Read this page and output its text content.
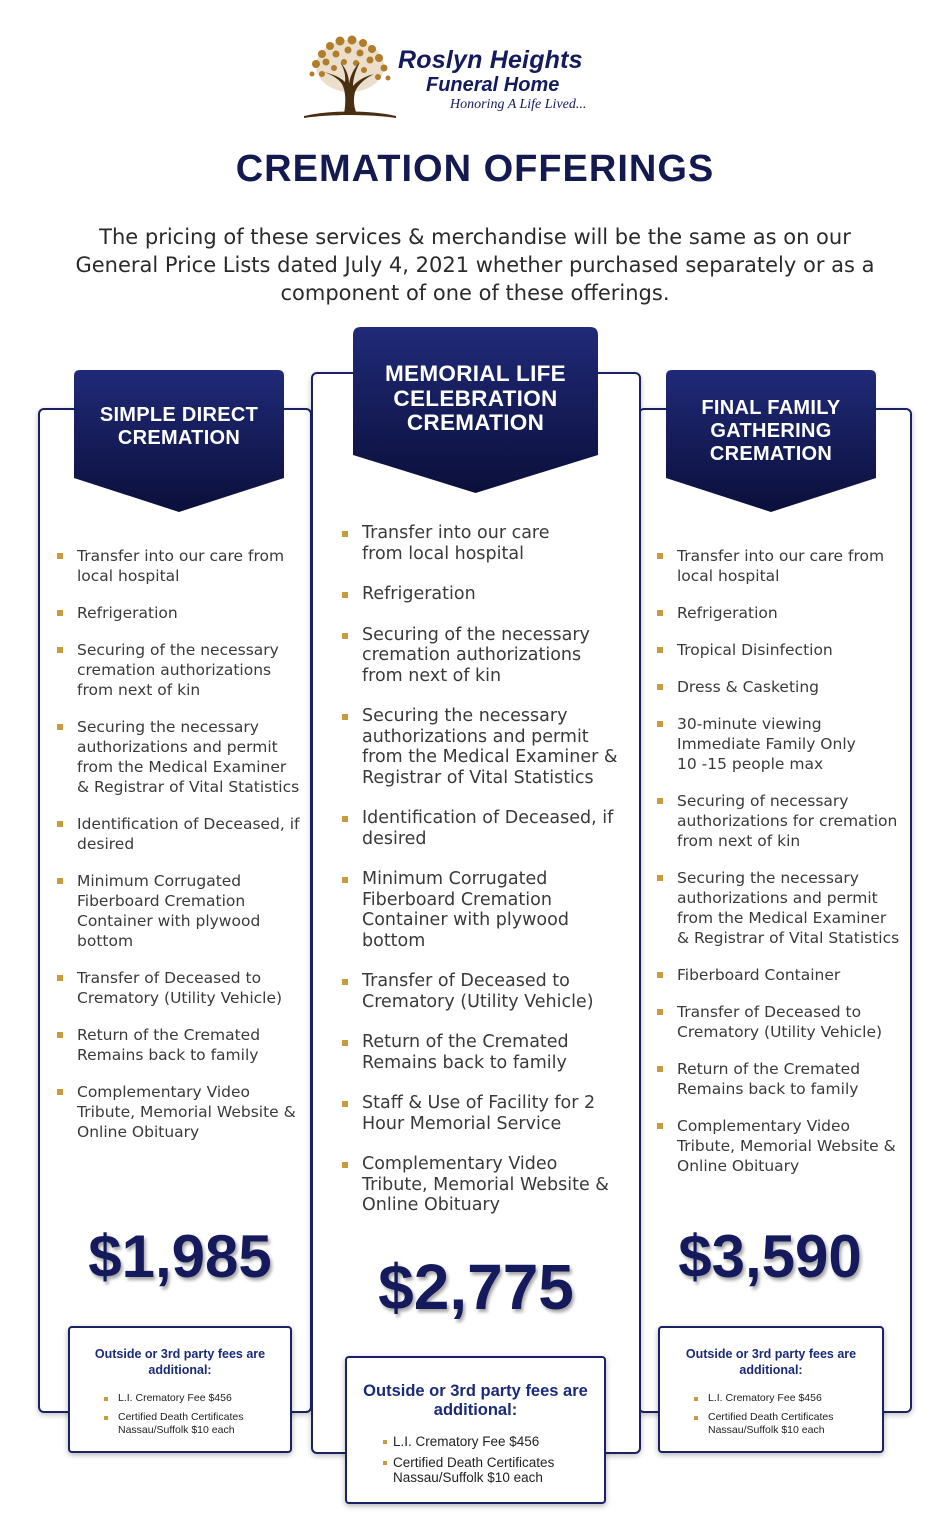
Roslyn Heights
Funeral Home
Honoring A Life Lived...
CREMATION OFFERINGS

The pricing of these services & merchandise will be the same as on our General Price Lists dated July 4, 2021 whether purchased separately or as a component of one of these offerings.

SIMPLE DIRECT
CREMATION
Transfer into our care from local hospital
Refrigeration
Securing of the necessary cremation authorizations from next of kin
Securing the necessary authorizations and permit from the Medical Examiner & Registrar of Vital Statistics
Identification of Deceased, if desired
Minimum Corrugated Fiberboard Cremation Container with plywood bottom
Transfer of Deceased to Crematory (Utility Vehicle)
Return of the Cremated Remains back to family
Complementary Video Tribute, Memorial Website & Online Obituary
$1,985
Outside or 3rd party fees are additional:
L.I. Crematory Fee $456
Certified Death Certificates Nassau/Suffolk $10 each
FINAL FAMILY
GATHERING
CREMATION
Transfer into our care from local hospital
Refrigeration
Tropical Disinfection
Dress & Casketing
30-minute viewing Immediate Family Only 10 -15 people max
Securing of necessary authorizations for cremation from next of kin
Securing the necessary authorizations and permit from the Medical Examiner & Registrar of Vital Statistics
Fiberboard Container
Transfer of Deceased to Crematory (Utility Vehicle)
Return of the Cremated Remains back to family
Complementary Video Tribute, Memorial Website & Online Obituary
$3,590
Outside or 3rd party fees are additional:
L.I. Crematory Fee $456
Certified Death Certificates Nassau/Suffolk $10 each
MEMORIAL LIFE
CELEBRATION
CREMATION
Transfer into our care from local hospital
Refrigeration
Securing of the necessary cremation authorizations from next of kin
Securing the necessary authorizations and permit from the Medical Examiner & Registrar of Vital Statistics
Identification of Deceased, if desired
Minimum Corrugated Fiberboard Cremation Container with plywood bottom
Transfer of Deceased to Crematory (Utility Vehicle)
Return of the Cremated Remains back to family
Staff & Use of Facility for 2 Hour Memorial Service
Complementary Video Tribute, Memorial Website & Online Obituary
$2,775
Outside or 3rd party fees are additional:
L.I. Crematory Fee $456
Certified Death Certificates Nassau/Suffolk $10 each
